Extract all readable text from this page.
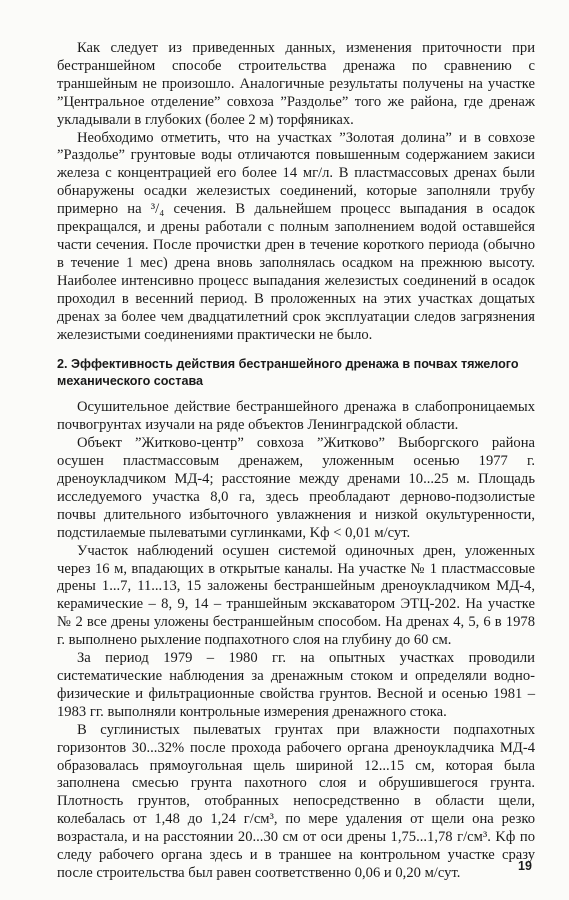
Как следует из приведенных данных, изменения приточности при бестраншейном способе строительства дренажа по сравнению с траншейным не произошло. Аналогичные результаты получены на участке ”Центральное отделение” совхоза ”Раздолье” того же района, где дренаж укладывали в глубоких (более 2 м) торфяниках.

Необходимо отметить, что на участках ”Золотая долина” и в совхозе ”Раздолье” грунтовые воды отличаются повышенным содержанием закиси железа с концентрацией его более 14 мг/л. В пластмассовых дренах были обнаружены осадки железистых соединений, которые заполняли трубу примерно на ³/₄ сечения. В дальнейшем процесс выпадания в осадок прекращался, и дрены работали с полным заполнением водой оставшейся части сечения. После прочистки дрен в течение короткого периода (обычно в течение 1 мес) дрена вновь заполнялась осадком на прежнюю высоту. Наиболее интенсивно процесс выпадания железистых соединений в осадок проходил в весенний период. В проложенных на этих участках дощатых дренах за более чем двадцатилетний срок эксплуатации следов загрязнения железистыми соединениями практически не было.

2. Эффективность действия бестраншейного дренажа в почвах тяжелого механического состава

Осушительное действие бестраншейного дренажа в слабопроницаемых почвогрунтах изучали на ряде объектов Ленинградской области.

Объект ”Житково-центр” совхоза ”Житково” Выборгского района осушен пластмассовым дренажем, уложенным осенью 1977 г. дреноукладчиком МД-4; расстояние между дренами 10...25 м. Площадь исследуемого участка 8,0 га, здесь преобладают дерново-подзолистые почвы длительного избыточного увлажнения и низкой окультуренности, подстилаемые пылеватыми суглинками, Kф < 0,01 м/сут.

Участок наблюдений осушен системой одиночных дрен, уложенных через 16 м, впадающих в открытые каналы. На участке № 1 пластмассовые дрены 1...7, 11...13, 15 заложены бестраншейным дреноукладчиком МД-4, керамические – 8, 9, 14 – траншейным экскаватором ЭТЦ-202. На участке № 2 все дрены уложены бестраншейным способом. На дренах 4, 5, 6 в 1978 г. выполнено рыхление подпахотного слоя на глубину до 60 см.

За период 1979 – 1980 гг. на опытных участках проводили систематические наблюдения за дренажным стоком и определяли водно-физические и фильтрационные свойства грунтов. Весной и осенью 1981 – 1983 гг. выполняли контрольные измерения дренажного стока.

В суглинистых пылеватых грунтах при влажности подпахотных горизонтов 30...32% после прохода рабочего органа дреноукладчика МД-4 образовалась прямоугольная щель шириной 12...15 см, которая была заполнена смесью грунта пахотного слоя и обрушившегося грунта. Плотность грунтов, отобранных непосредственно в области щели, колебалась от 1,48 до 1,24 г/см³, по мере удаления от щели она резко возрастала, и на расстоянии 20...30 см от оси дрены 1,75...1,78 г/см³. Kф по следу рабочего органа здесь и в траншее на контрольном участке сразу после строительства был равен соответственно 0,06 и 0,20 м/сут.	19
